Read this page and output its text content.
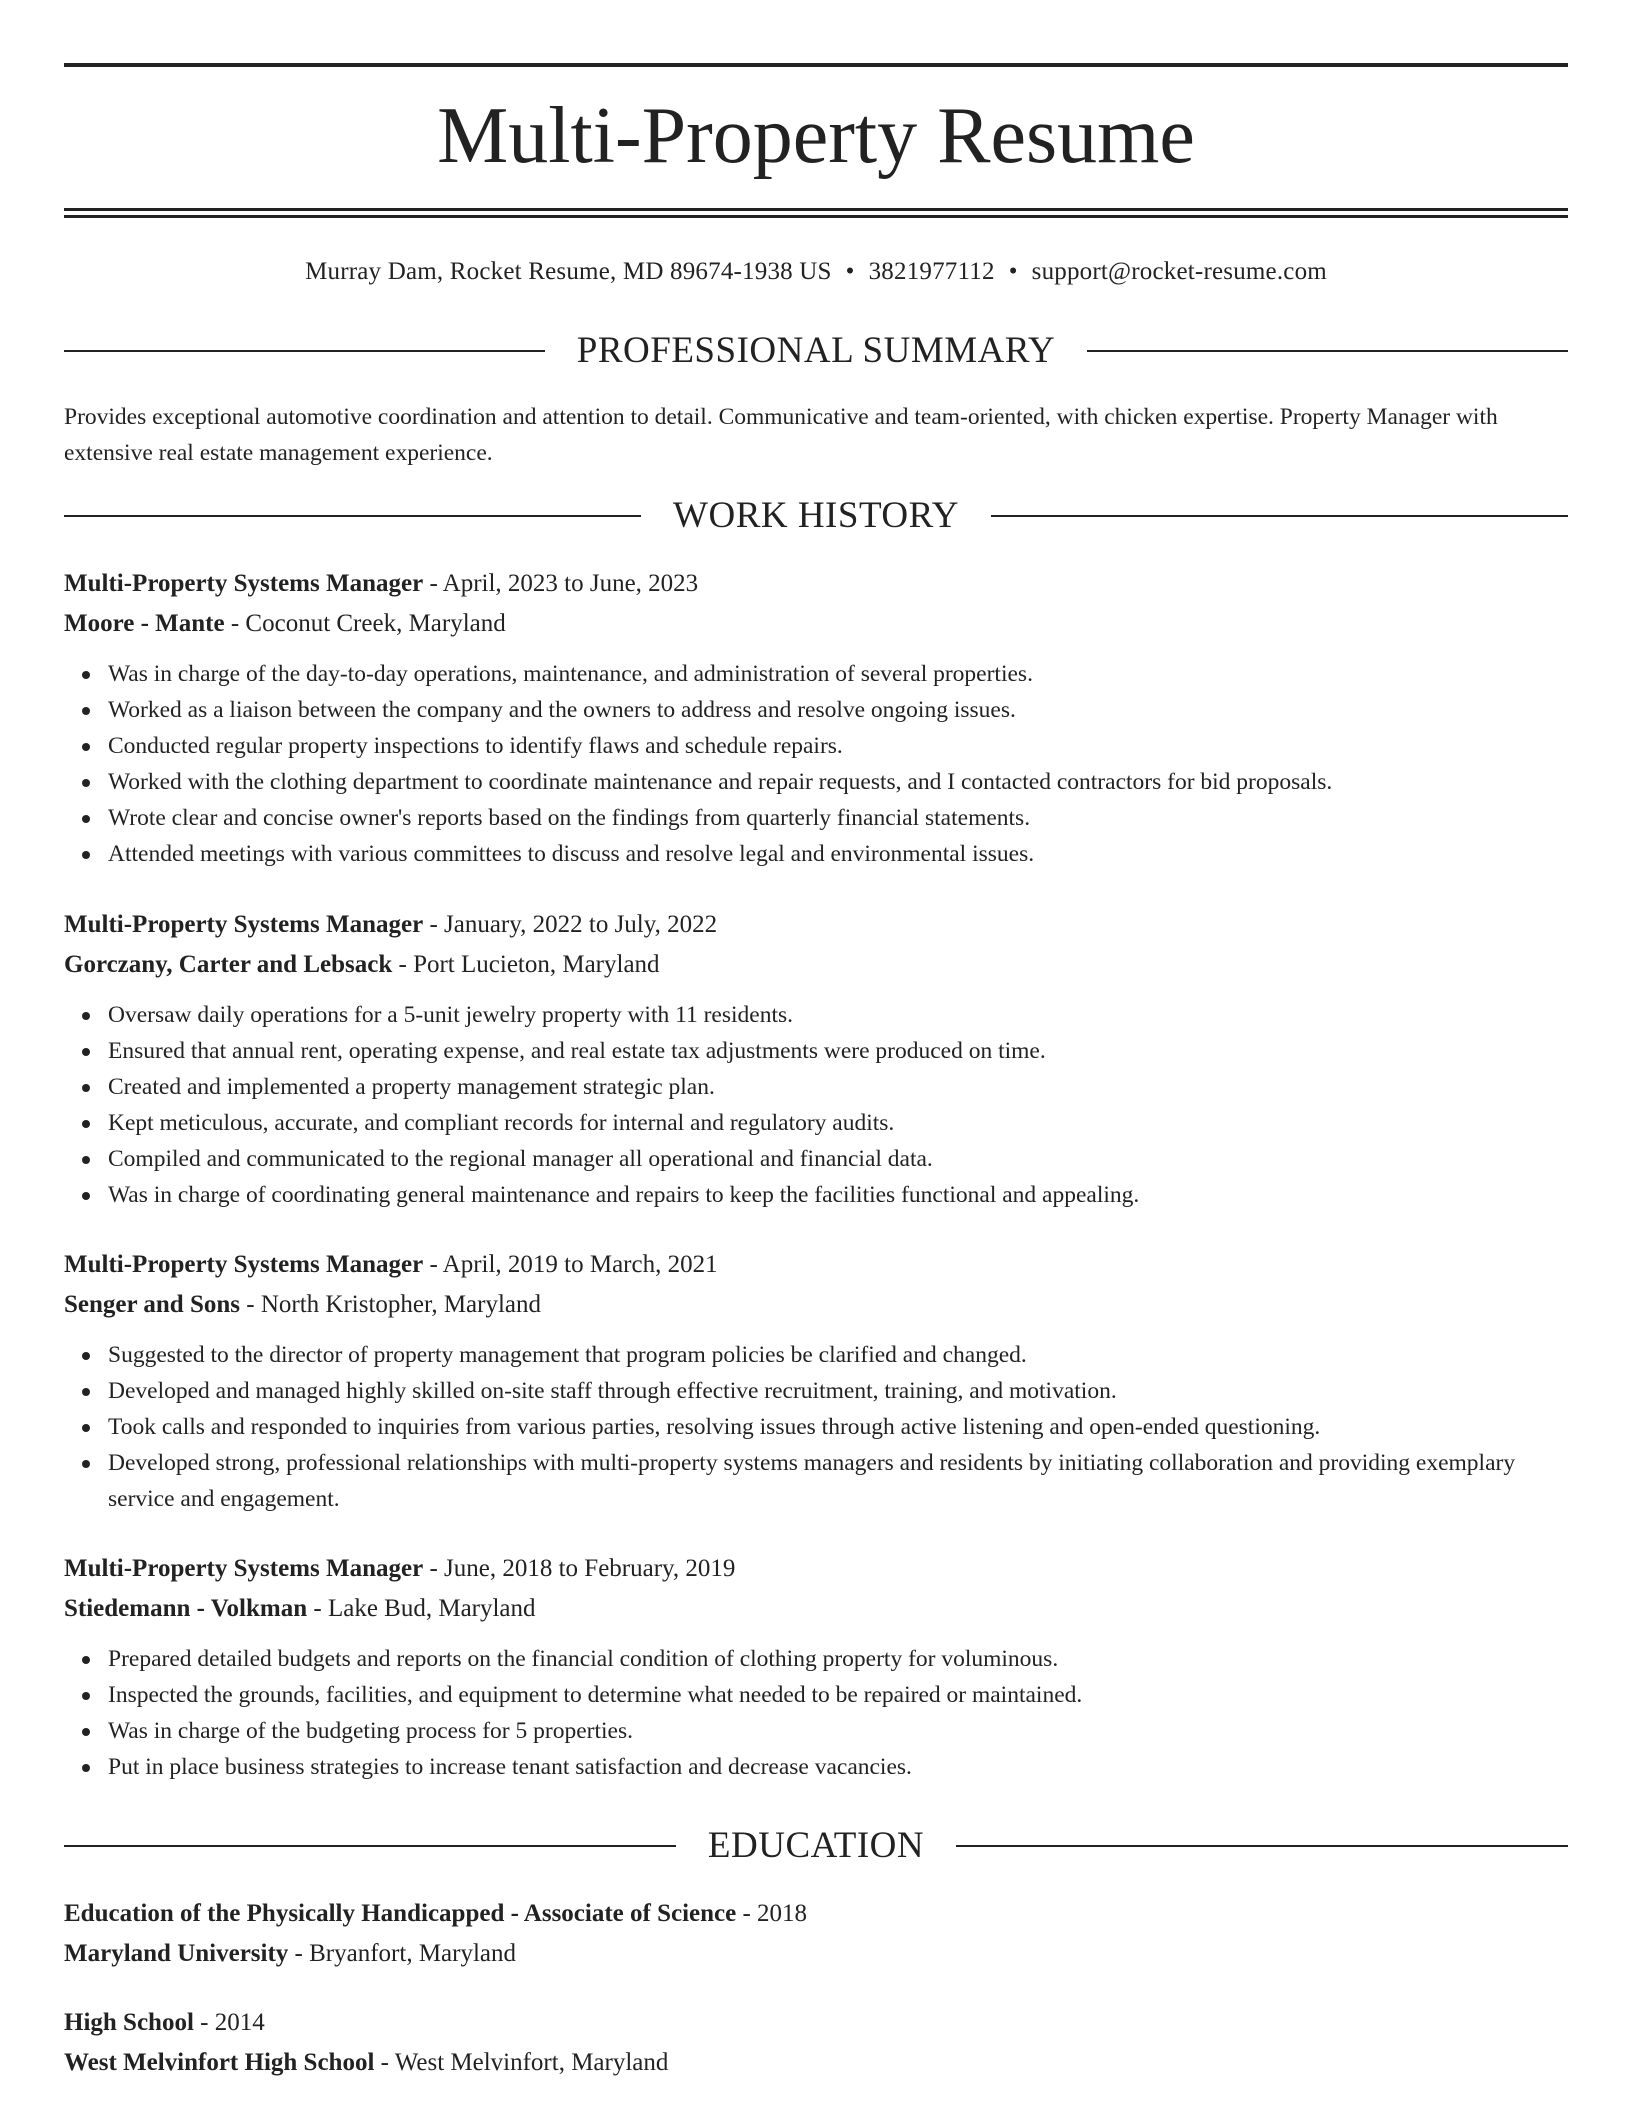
Multi-Property Resume
Murray Dam, Rocket Resume, MD 89674-1938 US • 3821977112 • support@rocket-resume.com
PROFESSIONAL SUMMARY

Provides exceptional automotive coordination and attention to detail. Communicative and team-oriented, with chicken expertise. Property Manager with extensive real estate management experience.

WORK HISTORY
Multi-Property Systems Manager - April, 2023 to June, 2023
Moore - Mante - Coconut Creek, Maryland
Was in charge of the day-to-day operations, maintenance, and administration of several properties.
Worked as a liaison between the company and the owners to address and resolve ongoing issues.
Conducted regular property inspections to identify flaws and schedule repairs.
Worked with the clothing department to coordinate maintenance and repair requests, and I contacted contractors for bid proposals.
Wrote clear and concise owner's reports based on the findings from quarterly financial statements.
Attended meetings with various committees to discuss and resolve legal and environmental issues.
Multi-Property Systems Manager - January, 2022 to July, 2022
Gorczany, Carter and Lebsack - Port Lucieton, Maryland
Oversaw daily operations for a 5-unit jewelry property with 11 residents.
Ensured that annual rent, operating expense, and real estate tax adjustments were produced on time.
Created and implemented a property management strategic plan.
Kept meticulous, accurate, and compliant records for internal and regulatory audits.
Compiled and communicated to the regional manager all operational and financial data.
Was in charge of coordinating general maintenance and repairs to keep the facilities functional and appealing.
Multi-Property Systems Manager - April, 2019 to March, 2021
Senger and Sons - North Kristopher, Maryland
Suggested to the director of property management that program policies be clarified and changed.
Developed and managed highly skilled on-site staff through effective recruitment, training, and motivation.
Took calls and responded to inquiries from various parties, resolving issues through active listening and open-ended questioning.
Developed strong, professional relationships with multi-property systems managers and residents by initiating collaboration and providing exemplary service and engagement.
Multi-Property Systems Manager - June, 2018 to February, 2019
Stiedemann - Volkman - Lake Bud, Maryland
Prepared detailed budgets and reports on the financial condition of clothing property for voluminous.
Inspected the grounds, facilities, and equipment to determine what needed to be repaired or maintained.
Was in charge of the budgeting process for 5 properties.
Put in place business strategies to increase tenant satisfaction and decrease vacancies.
EDUCATION
Education of the Physically Handicapped - Associate of Science - 2018
Maryland University - Bryanfort, Maryland
High School - 2014
West Melvinfort High School - West Melvinfort, Maryland
